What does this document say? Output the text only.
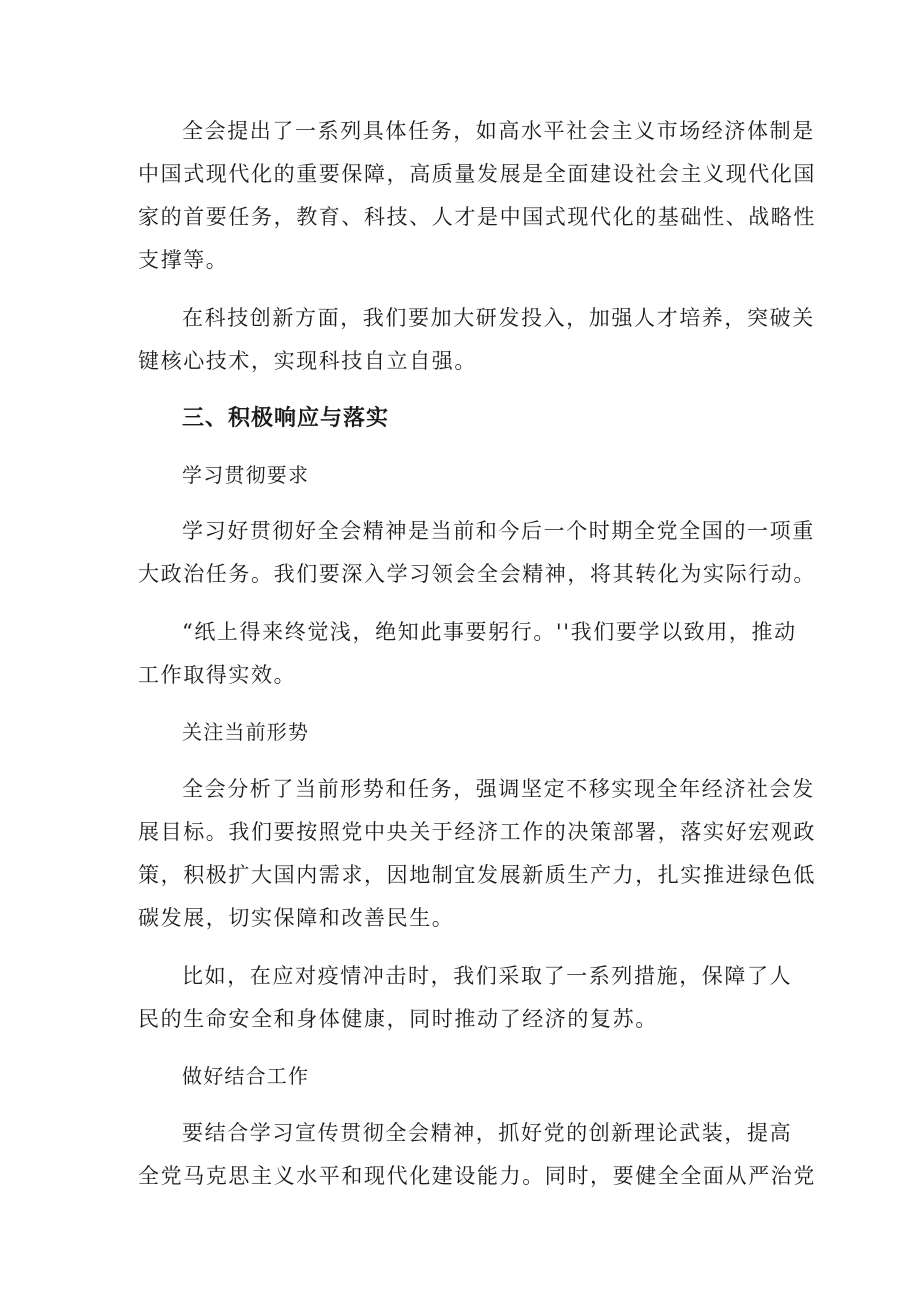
全会提出了一系列具体任务，如高水平社会主义市场经济体制是
中国式现代化的重要保障，高质量发展是全面建设社会主义现代化国
家的首要任务，教育、科技、人才是中国式现代化的基础性、战略性
支撑等。
在科技创新方面，我们要加大研发投入，加强人才培养，突破关
键核心技术，实现科技自立自强。
三、积极响应与落实
学习贯彻要求
学习好贯彻好全会精神是当前和今后一个时期全党全国的一项重
大政治任务。我们要深入学习领会全会精神，将其转化为实际行动。
“纸上得来终觉浅，绝知此事要躬行。''我们要学以致用，推动
工作取得实效。
关注当前形势
全会分析了当前形势和任务，强调坚定不移实现全年经济社会发
展目标。我们要按照党中央关于经济工作的决策部署，落实好宏观政
策，积极扩大国内需求，因地制宜发展新质生产力，扎实推进绿色低
碳发展，切实保障和改善民生。
比如，在应对疫情冲击时，我们采取了一系列措施，保障了人
民的生命安全和身体健康，同时推动了经济的复苏。
做好结合工作
要结合学习宣传贯彻全会精神，抓好党的创新理论武装，提高
全党马克思主义水平和现代化建设能力。同时，要健全全面从严治党
